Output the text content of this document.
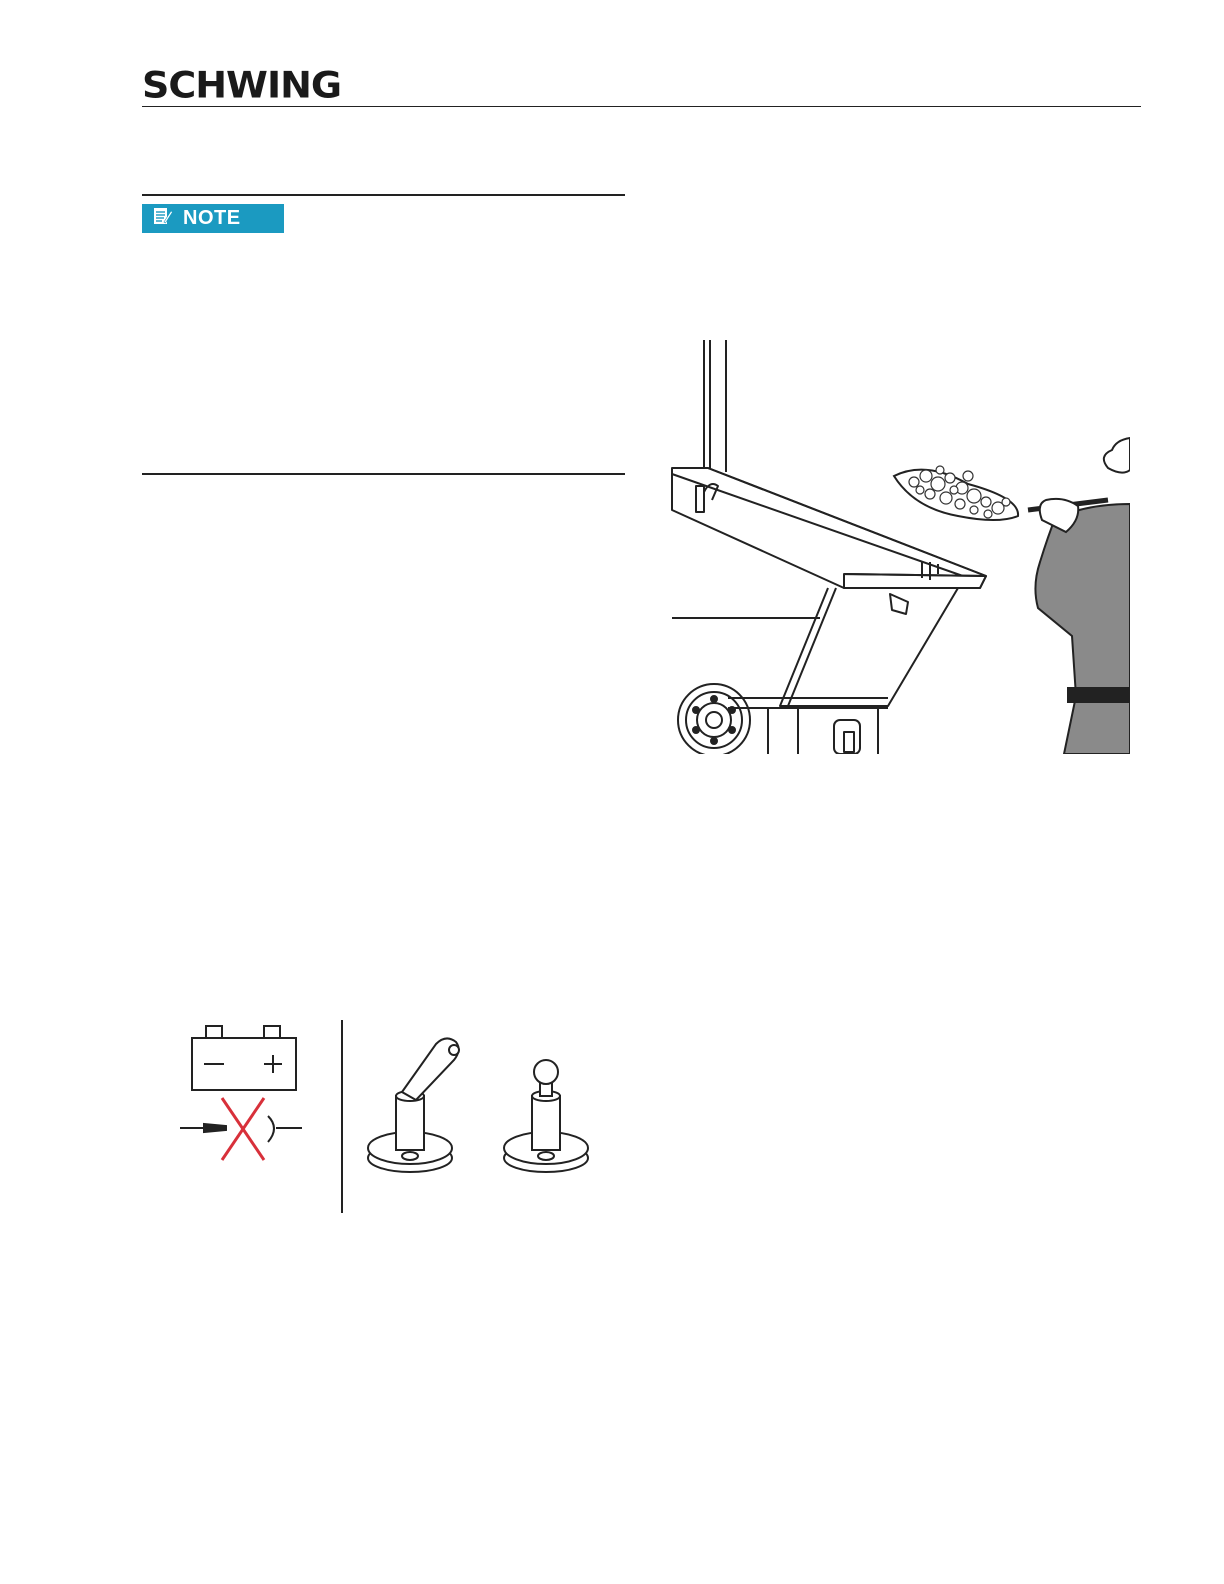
SCHWING
NOTE
